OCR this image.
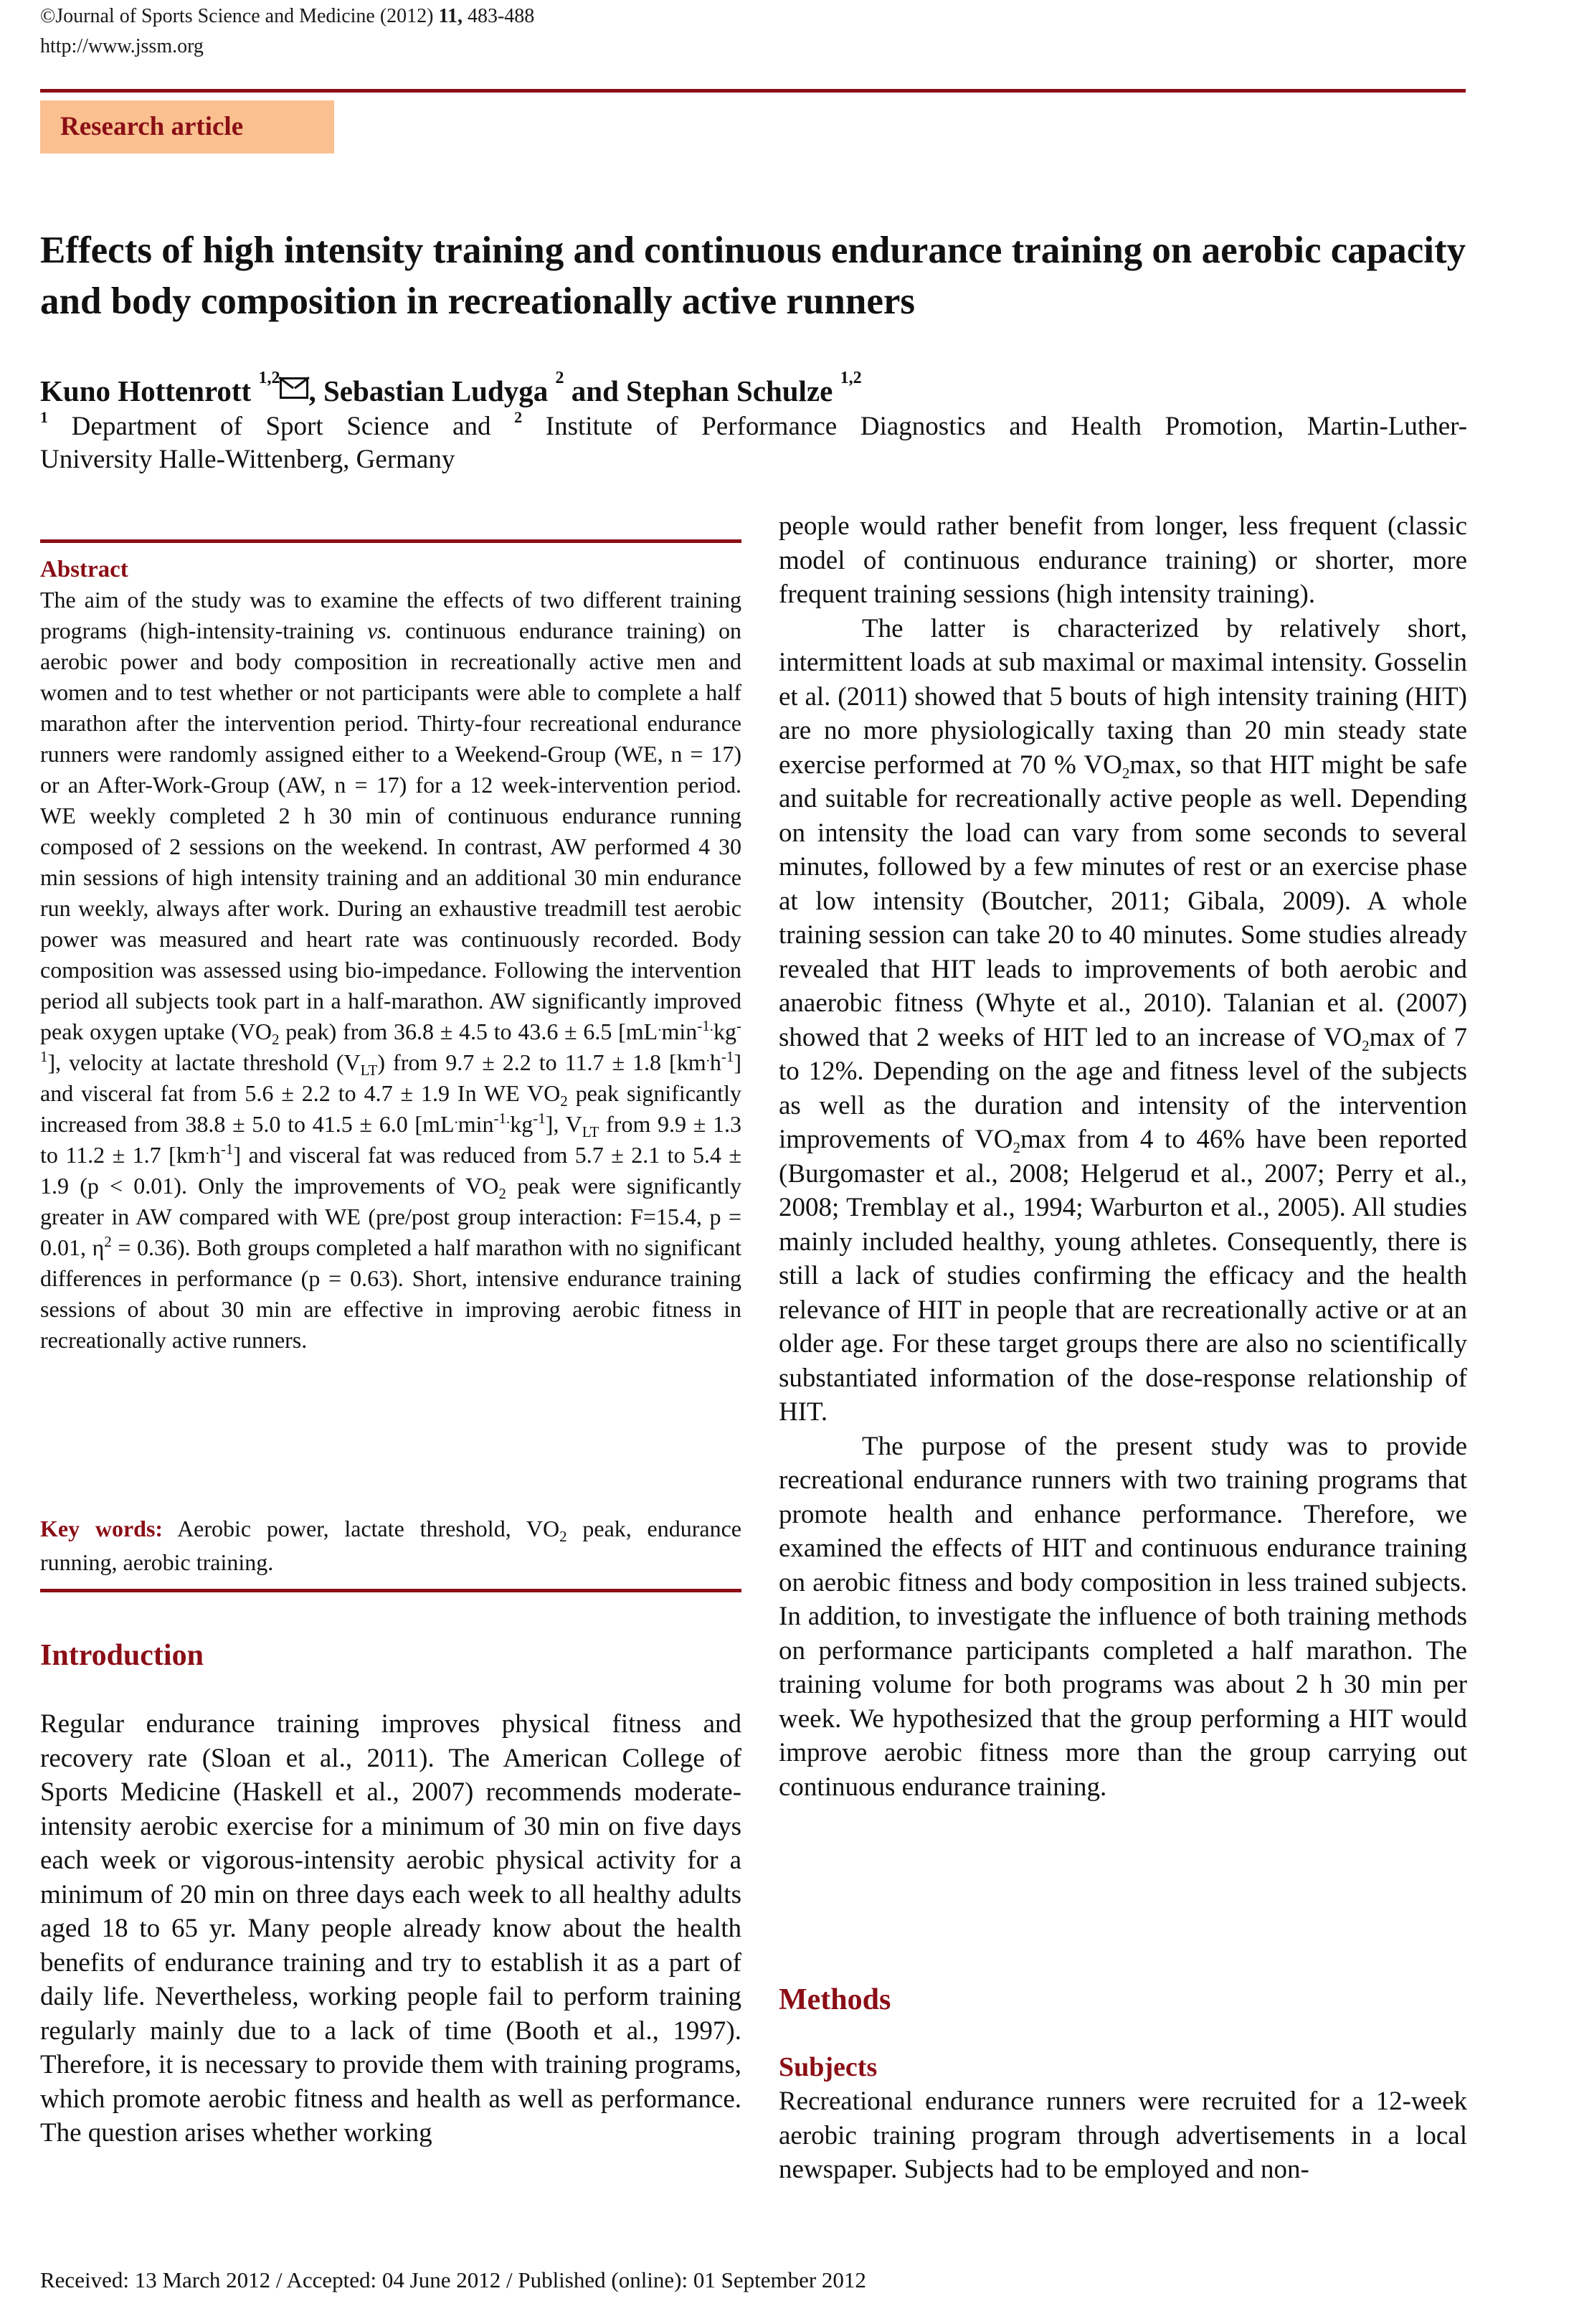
©Journal of Sports Science and Medicine (2012) 11, 483-488
http://www.jssm.org
Research article
Effects of high intensity training and continuous endurance training on aerobic capacity and body composition in recreationally active runners
Kuno Hottenrott $^{1,2}$ , Sebastian Ludyga $^2$ and Stephan Schulze $^{1,2}$
$^1$ Department of Sport Science and $^2$ Institute of Performance Diagnostics and Health Promotion, Martin-Luther-
University Halle-Wittenberg, Germany
Abstract
The aim of the study was to examine the effects of two different training programs (high-intensity-training vs. continuous endurance training) on aerobic power and body composition in recreationally active men and women and to test whether or not participants were able to complete a half marathon after the intervention period. Thirty-four recreational endurance runners were randomly assigned either to a Weekend-Group (WE, n = 17) or an After-Work-Group (AW, n = 17) for a 12 week-intervention period. WE weekly completed 2 h 30 min of continuous endurance running composed of 2 sessions on the weekend. In contrast, AW performed 4 30 min sessions of high intensity training and an additional 30 min endurance run weekly, always after work. During an exhaustive treadmill test aerobic power was measured and heart rate was continuously recorded. Body composition was assessed using bio-impedance. Following the intervention period all subjects took part in a half-marathon. AW significantly improved peak oxygen uptake ($VO_2$ peak) from 36.8 ± 4.5 to 43.6 ± 6.5 $[mL^.\min^{-1.}kg^{-1}]$, velocity at lactate threshold $(V_{LT})$ from 9.7 ± 2.2 to 11.7 ± 1.8 $[km^.h^{-1}]$ and visceral fat from 5.6 ± 2.2 to 4.7 ± 1.9 In WE $VO_2$ peak significantly increased from 38.8 ± 5.0 to 41.5 ± 6.0 $[mL^.\min^{-1.}kg^{-1}]$, $V_{LT}$ from 9.9 ± 1.3 to 11.2 ± 1.7 $[km^.h^{-1}]$ and visceral fat was reduced from 5.7 ± 2.1 to 5.4 ± 1.9 (p < 0.01). Only the improvements of $VO_2$ peak were significantly greater in AW compared with WE (pre/post group interaction: F=15.4, p = 0.01, $\eta^2 = 0.36$). Both groups completed a half marathon with no significant differences in performance (p = 0.63). Short, intensive endurance training sessions of about 30 min are effective in improving aerobic fitness in recreationally active runners.
Key words: Aerobic power, lactate threshold, $VO_2$ peak, endurance running, aerobic training.
Introduction

Regular endurance training improves physical fitness and recovery rate (Sloan et al., 2011). The American College of Sports Medicine (Haskell et al., 2007) recommends moderate-intensity aerobic exercise for a minimum of 30 min on five days each week or vigorous-intensity aerobic physical activity for a minimum of 20 min on three days each week to all healthy adults aged 18 to 65 yr. Many people already know about the health benefits of endurance training and try to establish it as a part of daily life. Nevertheless, working people fail to perform training regularly mainly due to a lack of time (Booth et al., 1997). Therefore, it is necessary to provide them with training programs, which promote aerobic fitness and health as well as performance. The question arises whether working

people would rather benefit from longer, less frequent (classic model of continuous endurance training) or shorter, more frequent training sessions (high intensity training).

The latter is characterized by relatively short, intermittent loads at sub maximal or maximal intensity. Gosselin et al. (2011) showed that 5 bouts of high intensity training (HIT) are no more physiologically taxing than 20 min steady state exercise performed at 70 % $VO_2\max$, so that HIT might be safe and suitable for recreationally active people as well. Depending on intensity the load can vary from some seconds to several minutes, followed by a few minutes of rest or an exercise phase at low intensity (Boutcher, 2011; Gibala, 2009). A whole training session can take 20 to 40 minutes. Some studies already revealed that HIT leads to improvements of both aerobic and anaerobic fitness (Whyte et al., 2010). Talanian et al. (2007) showed that 2 weeks of HIT led to an increase of $VO_2\max$ of 7 to 12%. Depending on the age and fitness level of the subjects as well as the duration and intensity of the intervention improvements of $VO_2\max$ from 4 to 46% have been reported (Burgomaster et al., 2008; Helgerud et al., 2007; Perry et al., 2008; Tremblay et al., 1994; Warburton et al., 2005). All studies mainly included healthy, young athletes. Consequently, there is still a lack of studies confirming the efficacy and the health relevance of HIT in people that are recreationally active or at an older age. For these target groups there are also no scientifically substantiated information of the dose-response relationship of HIT.

The purpose of the present study was to provide recreational endurance runners with two training programs that promote health and enhance performance. Therefore, we examined the effects of HIT and continuous endurance training on aerobic fitness and body composition in less trained subjects. In addition, to investigate the influence of both training methods on performance participants completed a half marathon. The training volume for both programs was about 2 h 30 min per week. We hypothesized that the group performing a HIT would improve aerobic fitness more than the group carrying out continuous endurance training.

Methods
Subjects

Recreational endurance runners were recruited for a 12-week aerobic training program through advertisements in a local newspaper. Subjects had to be employed and non-

Received: 13 March 2012 / Accepted: 04 June 2012 / Published (online): 01 September 2012
